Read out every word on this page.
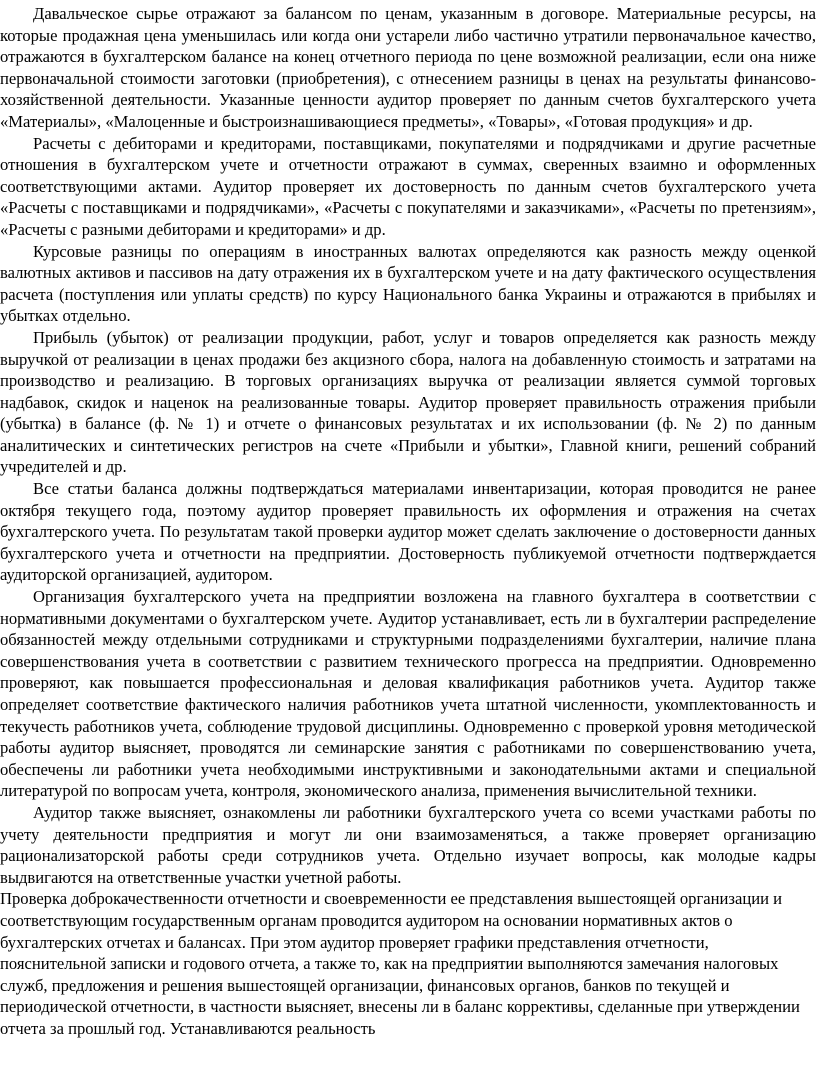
Давальческое сырье отражают за балансом по ценам, указанным в договоре. Материальные ресурсы, на которые продажная цена уменьшилась или когда они устарели либо частично утратили первоначальное качество, отражаются в бухгалтерском балансе на конец отчетного периода по цене возможной реализации, если она ниже первоначальной стоимости заготовки (приобретения), с отнесением разницы в ценах на результаты финансово-хозяйственной деятельности. Указанные ценности аудитор проверяет по данным счетов бухгалтерского учета «Материалы», «Малоценные и быстроизнашивающиеся предметы», «Товары», «Готовая продукция» и др.

Расчеты с дебиторами и кредиторами, поставщиками, покупателями и подрядчиками и другие расчетные отношения в бухгалтерском учете и отчетности отражают в суммах, сверенных взаимно и оформленных соответствующими актами. Аудитор проверяет их достоверность по данным счетов бухгалтерского учета «Расчеты с поставщиками и подрядчиками», «Расчеты с покупателями и заказчиками», «Расчеты по претензиям», «Расчеты с разными дебиторами и кредиторами» и др.

Курсовые разницы по операциям в иностранных валютах определяются как разность между оценкой валютных активов и пассивов на дату отражения их в бухгалтерском учете и на дату фактического осуществления расчета (поступления или уплаты средств) по курсу Национального банка Украины и отражаются в прибылях и убытках отдельно.

Прибыль (убыток) от реализации продукции, работ, услуг и товаров определяется как разность между выручкой от реализации в ценах продажи без акцизного сбора, налога на добавленную стоимость и затратами на производство и реализацию. В торговых организациях выручка от реализации является суммой торговых надбавок, скидок и наценок на реализованные товары. Аудитор проверяет правильность отражения прибыли (убытка) в балансе (ф. № 1) и отчете о финансовых результатах и их использовании (ф. № 2) по данным аналитических и синтетических регистров на счете «Прибыли и убытки», Главной книги, решений собраний учредителей и др.

Все статьи баланса должны подтверждаться материалами инвентаризации, которая проводится не ранее октября текущего года, поэтому аудитор проверяет правильность их оформления и отражения на счетах бухгалтерского учета. По результатам такой проверки аудитор может сделать заключение о достоверности данных бухгалтерского учета и отчетности на предприятии. Достоверность публикуемой отчетности подтверждается аудиторской организацией, аудитором.

Организация бухгалтерского учета на предприятии возложена на главного бухгалтера в соответствии с нормативными документами о бухгалтерском учете. Аудитор устанавливает, есть ли в бухгалтерии распределение обязанностей между отдельными сотрудниками и структурными подразделениями бухгалтерии, наличие плана совершенствования учета в соответствии с развитием технического прогресса на предприятии. Одновременно проверяют, как повышается профессиональная и деловая квалификация работников учета. Аудитор также определяет соответствие фактического наличия работников учета штатной численности, укомплектованность и текучесть работников учета, соблюдение трудовой дисциплины. Одновременно с проверкой уровня методической работы аудитор выясняет, проводятся ли семинарские занятия с работниками по совершенствованию учета, обеспечены ли работники учета необходимыми инструктивными и законодательными актами и специальной литературой по вопросам учета, контроля, экономического анализа, применения вычислительной техники.

Аудитор также выясняет, ознакомлены ли работники бухгалтерского учета со всеми участками работы по учету деятельности предприятия и могут ли они взаимозаменяться, а также проверяет организацию рационализаторской работы среди сотрудников учета. Отдельно изучает вопросы, как молодые кадры выдвигаются на ответственные участки учетной работы.

Проверка доброкачественности отчетности и своевременности ее представления вышестоящей организации и соответствующим государственным органам проводится аудитором на основании нормативных актов о бухгалтерских отчетах и балансах. При этом аудитор проверяет графики представления отчетности, пояснительной записки и годового отчета, а также то, как на предприятии выполняются замечания налоговых служб, предложения и решения вышестоящей организации, финансовых органов, банков по текущей и периодической отчетности, в частности выясняет, внесены ли в баланс коррективы, сделанные при утверждении отчета за прошлый год. Устанавливаются реальность
